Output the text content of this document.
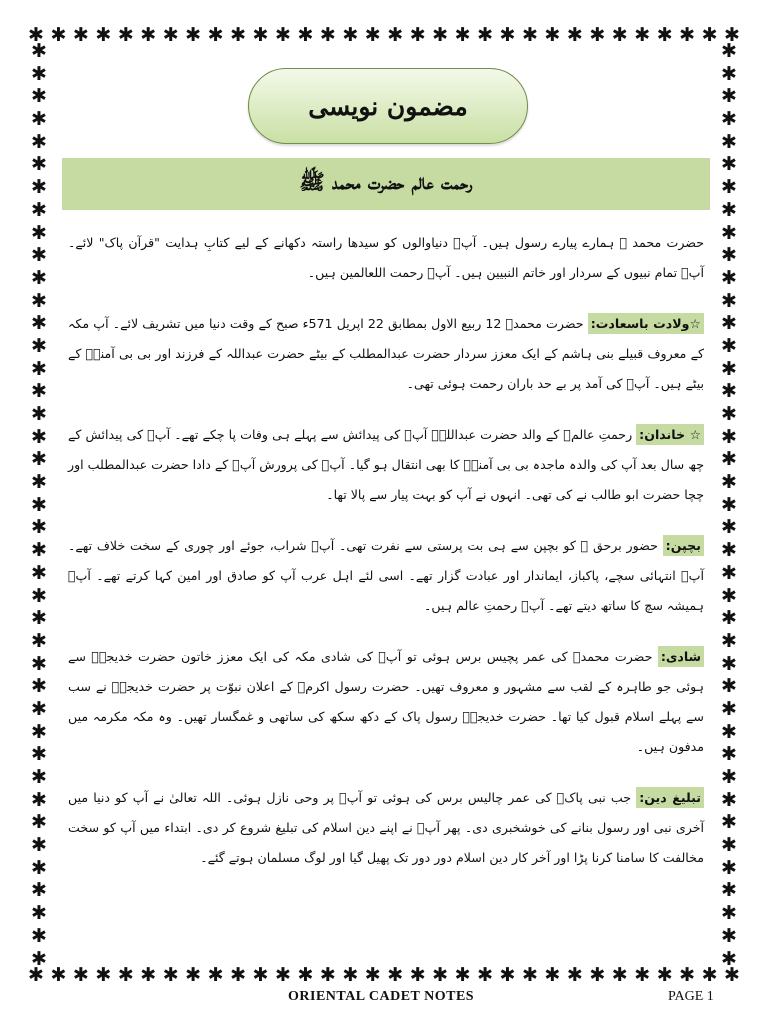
✱ ✱ ✱ ✱ ✱ ✱ ✱ ✱ ✱ ✱ ✱ ✱ ✱ ✱ ✱ ✱ ✱ ✱ ✱ ✱ ✱ ✱ ✱ ✱ ✱ ✱ ✱ ✱ ✱ ✱ ✱ ✱
✱ ✱ ✱ ✱ ✱ ✱ ✱ ✱ ✱ ✱ ✱ ✱ ✱ ✱ ✱ ✱ ✱ ✱ ✱ ✱ ✱ ✱ ✱ ✱ ✱ ✱ ✱ ✱ ✱ ✱ ✱ ✱
✱
✱
✱
✱
✱
✱
✱
✱
✱
✱
✱
✱
✱
✱
✱
✱
✱
✱
✱
✱
✱
✱
✱
✱
✱
✱
✱
✱
✱
✱
✱
✱
✱
✱
✱
✱
✱
✱
✱
✱
✱
✱
✱
✱
✱
✱
✱
✱
✱
✱
✱
✱
✱
✱
✱
✱
✱
✱
✱
✱
✱
✱
✱
✱
✱
✱
✱
✱
✱
✱
✱
✱
✱
✱
✱
✱
✱
✱
✱
✱
✱
✱
مضمون نویسی
رحمت عالم حضرت محمد ﷺ

حضرت محمد ﷺ ہمارے پیارے رسول ہیں۔ آپؐ دنیاوالوں کو سیدھا راستہ دکھانے کے لیے کتابِ ہدایت "قرآن پاک" لائے۔ آپؐ تمام نبیوں کے سردار اور خاتم النبیین ہیں۔ آپؐ رحمت اللعالمین ہیں۔

☆ولادت باسعادت: حضرت محمدؐ 12 ربیع الاول بمطابق 22 اپریل 571ء صبح کے وقت دنیا میں تشریف لائے۔ آپ مکہ کے معروف قبیلے بنی ہاشم کے ایک معزز سردار حضرت عبدالمطلب کے بیٹے حضرت عبداللہ کے فرزند اور بی بی آمنہؓ کے بیٹے ہیں۔ آپؐ کی آمد پر بے حد باران رحمت ہوئی تھی۔

☆ خاندان: رحمتِ عالمؐ کے والد حضرت عبداللہؓ آپؐ کی پیدائش سے پہلے ہی وفات پا چکے تھے۔ آپؐ کی پیدائش کے چھ سال بعد آپ کی والدہ ماجدہ بی بی آمنہؓ کا بھی انتقال ہو گیا۔ آپؐ کی پرورش آپؐ کے دادا حضرت عبدالمطلب اور چچا حضرت ابو طالب نے کی تھی۔ انہوں نے آپ کو بہت پیار سے پالا تھا۔

بچپن: حضور برحق ﷺ کو بچپن سے ہی بت پرستی سے نفرت تھی۔ آپؐ شراب، جوئے اور چوری کے سخت خلاف تھے۔ آپؐ انتہائی سچے، پاکباز، ایماندار اور عبادت گزار تھے۔ اسی لئے اہل عرب آپ کو صادق اور امین کہا کرتے تھے۔ آپؐ ہمیشہ سچ کا ساتھ دیتے تھے۔ آپؐ رحمتِ عالم ہیں۔

شادی: حضرت محمدؐ کی عمر پچیس برس ہوئی تو آپؐ کی شادی مکہ کی ایک معزز خاتون حضرت خدیجہؓ سے ہوئی جو طاہرہ کے لقب سے مشہور و معروف تھیں۔ حضرت رسول اکرمؐ کے اعلان نبوّت پر حضرت خدیجہؓ نے سب سے پہلے اسلام قبول کیا تھا۔ حضرت خدیجہؓ رسول پاک کے دکھ سکھ کی ساتھی و غمگسار تھیں۔ وہ مکہ مکرمہ میں مدفون ہیں۔

تبلیغ دین: جب نبی پاکؐ کی عمر چالیس برس کی ہوئی تو آپؐ پر وحی نازل ہوئی۔ اللہ تعالیٰ نے آپ کو دنیا میں آخری نبی اور رسول بنانے کی خوشخبری دی۔ پھر آپؐ نے اپنے دین اسلام کی تبلیغ شروع کر دی۔ ابتداء میں آپ کو سخت مخالفت کا سامنا کرنا پڑا اور آخر کار دین اسلام دور دور تک پھیل گیا اور لوگ مسلمان ہوتے گئے۔

ORIENTAL CADET NOTES	PAGE 1
